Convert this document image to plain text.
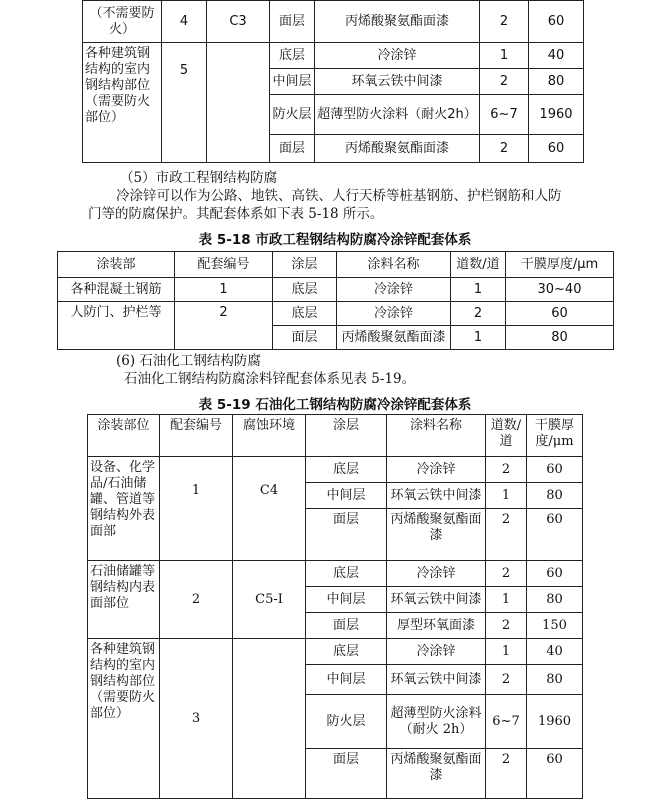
（不需要防火）	4	C3	面层	丙烯酸聚氨酯面漆	2	60
各种建筑钢结构的室内钢结构部位（需要防火部位）	5		底层	冷涂锌	1	40
			中间层	环氧云铁中间漆	2	80
			防火层	超薄型防火涂料（耐火2h）	6~7	1960
			面层	丙烯酸聚氨酯面漆	2	60
（5）市政工程钢结构防腐
冷涂锌可以作为公路、地铁、高铁、人行天桥等桩基钢筋、护栏钢筋和人防
门等的防腐保护。其配套体系如下表 5-18 所示。
表 5-18 市政工程钢结构防腐冷涂锌配套体系
涂装部	配套编号	涂层	涂料名称	道数/道	干膜厚度/μm
各种混凝土钢筋	1	底层	冷涂锌	1	30~40
人防门、护栏等	2	底层	冷涂锌	2	60
		面层	丙烯酸聚氨酯面漆	1	80
(6) 石油化工钢结构防腐
石油化工钢结构防腐涂料锌配套体系见表 5-19。
表 5-19 石油化工钢结构防腐冷涂锌配套体系
涂装部位	配套编号	腐蚀环境	涂层	涂料名称	道数/道	干膜厚度/μm
设备、化学品/石油储罐、管道等钢结构外表面部	1	C4	底层	冷涂锌	2	60
			中间层	环氧云铁中间漆	1	80
			面层	丙烯酸聚氨酯面漆	2	60
石油储罐等钢结构内表面部位	2	C5-I	底层	冷涂锌	2	60
			中间层	环氧云铁中间漆	1	80
			面层	厚型环氧面漆	2	150
各种建筑钢结构的室内钢结构部位（需要防火部位）	3		底层	冷涂锌	1	40
			中间层	环氧云铁中间漆	2	80
			防火层	超薄型防火涂料（耐火 2h）	6~7	1960
			面层	丙烯酸聚氨酯面漆	2	60
